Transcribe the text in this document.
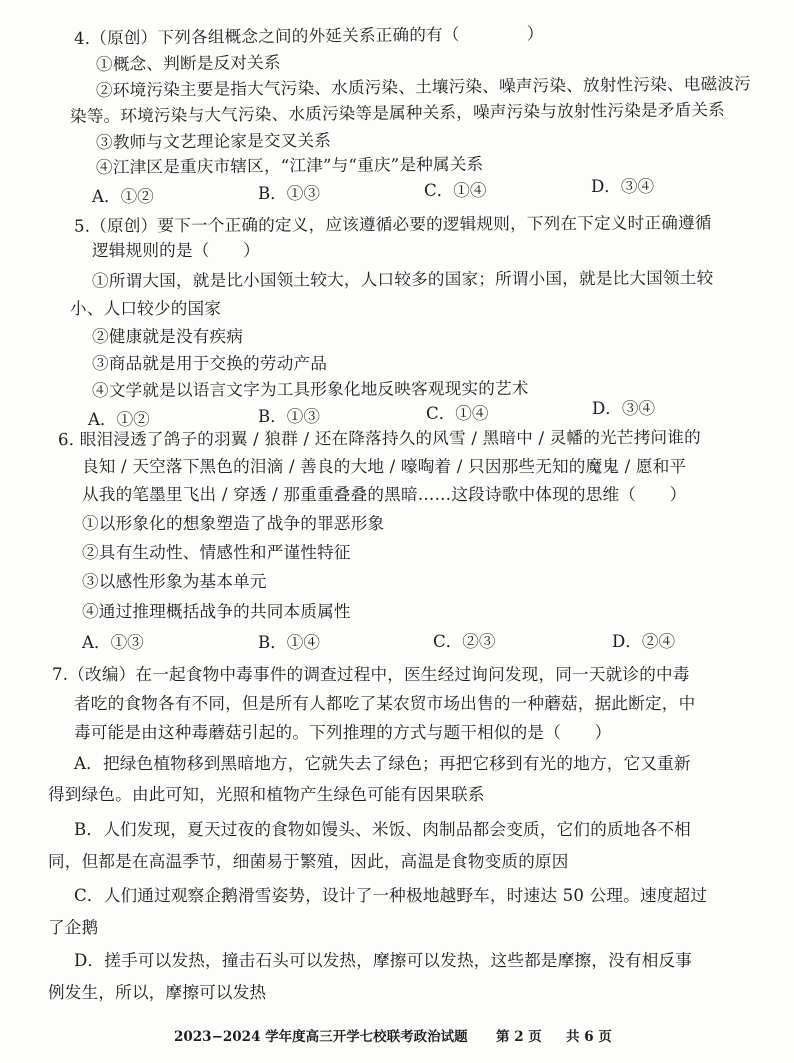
4.（原创）下列各组概念之间的外延关系正确的有（　　　　）
①概念、判断是反对关系
②环境污染主要是指大气污染、水质污染、土壤污染、噪声污染、放射性污染、电磁波污
染等。环境污染与大气污染、水质污染等是属种关系，噪声污染与放射性污染是矛盾关系
③教师与文艺理论家是交叉关系
④江津区是重庆市辖区，“江津”与“重庆”是种属关系
A．①②	B．①③	C．①④	D．③④
5.（原创）要下一个正确的定义，应该遵循必要的逻辑规则，下列在下定义时正确遵循
逻辑规则的是（　　）
①所谓大国，就是比小国领土较大，人口较多的国家；所谓小国，就是比大国领土较
小、人口较少的国家
②健康就是没有疾病
③商品就是用于交换的劳动产品
④文学就是以语言文字为工具形象化地反映客观现实的艺术
A．①②	B．①③	C．①④	D．③④
6. 眼泪浸透了鸽子的羽翼 / 狼群 / 还在降落持久的风雪 / 黑暗中 / 灵幡的光芒拷问谁的
良知 / 天空落下黑色的泪滴 / 善良的大地 / 嚎啕着 / 只因那些无知的魔鬼 / 愿和平
从我的笔墨里飞出 / 穿透 / 那重重叠叠的黑暗……这段诗歌中体现的思维（　　）
①以形象化的想象塑造了战争的罪恶形象
②具有生动性、情感性和严谨性特征
③以感性形象为基本单元
④通过推理概括战争的共同本质属性
A．①③	B．①④	C．②③	D．②④
7.（改编）在一起食物中毒事件的调查过程中，医生经过询问发现，同一天就诊的中毒
者吃的食物各有不同，但是所有人都吃了某农贸市场出售的一种蘑菇，据此断定，中
毒可能是由这种毒蘑菇引起的。下列推理的方式与题干相似的是（　　）
A．把绿色植物移到黑暗地方，它就失去了绿色；再把它移到有光的地方，它又重新
得到绿色。由此可知，光照和植物产生绿色可能有因果联系
B．人们发现，夏天过夜的食物如馒头、米饭、肉制品都会变质，它们的质地各不相
同，但都是在高温季节，细菌易于繁殖，因此，高温是食物变质的原因
C．人们通过观察企鹅滑雪姿势，设计了一种极地越野车，时速达 50 公理。速度超过
了企鹅
D．搓手可以发热，撞击石头可以发热，摩擦可以发热，这些都是摩擦，没有相反事
例发生，所以，摩擦可以发热
2023−2024 学年度高三开学七校联考政治试题 第 2 页 共 6 页
